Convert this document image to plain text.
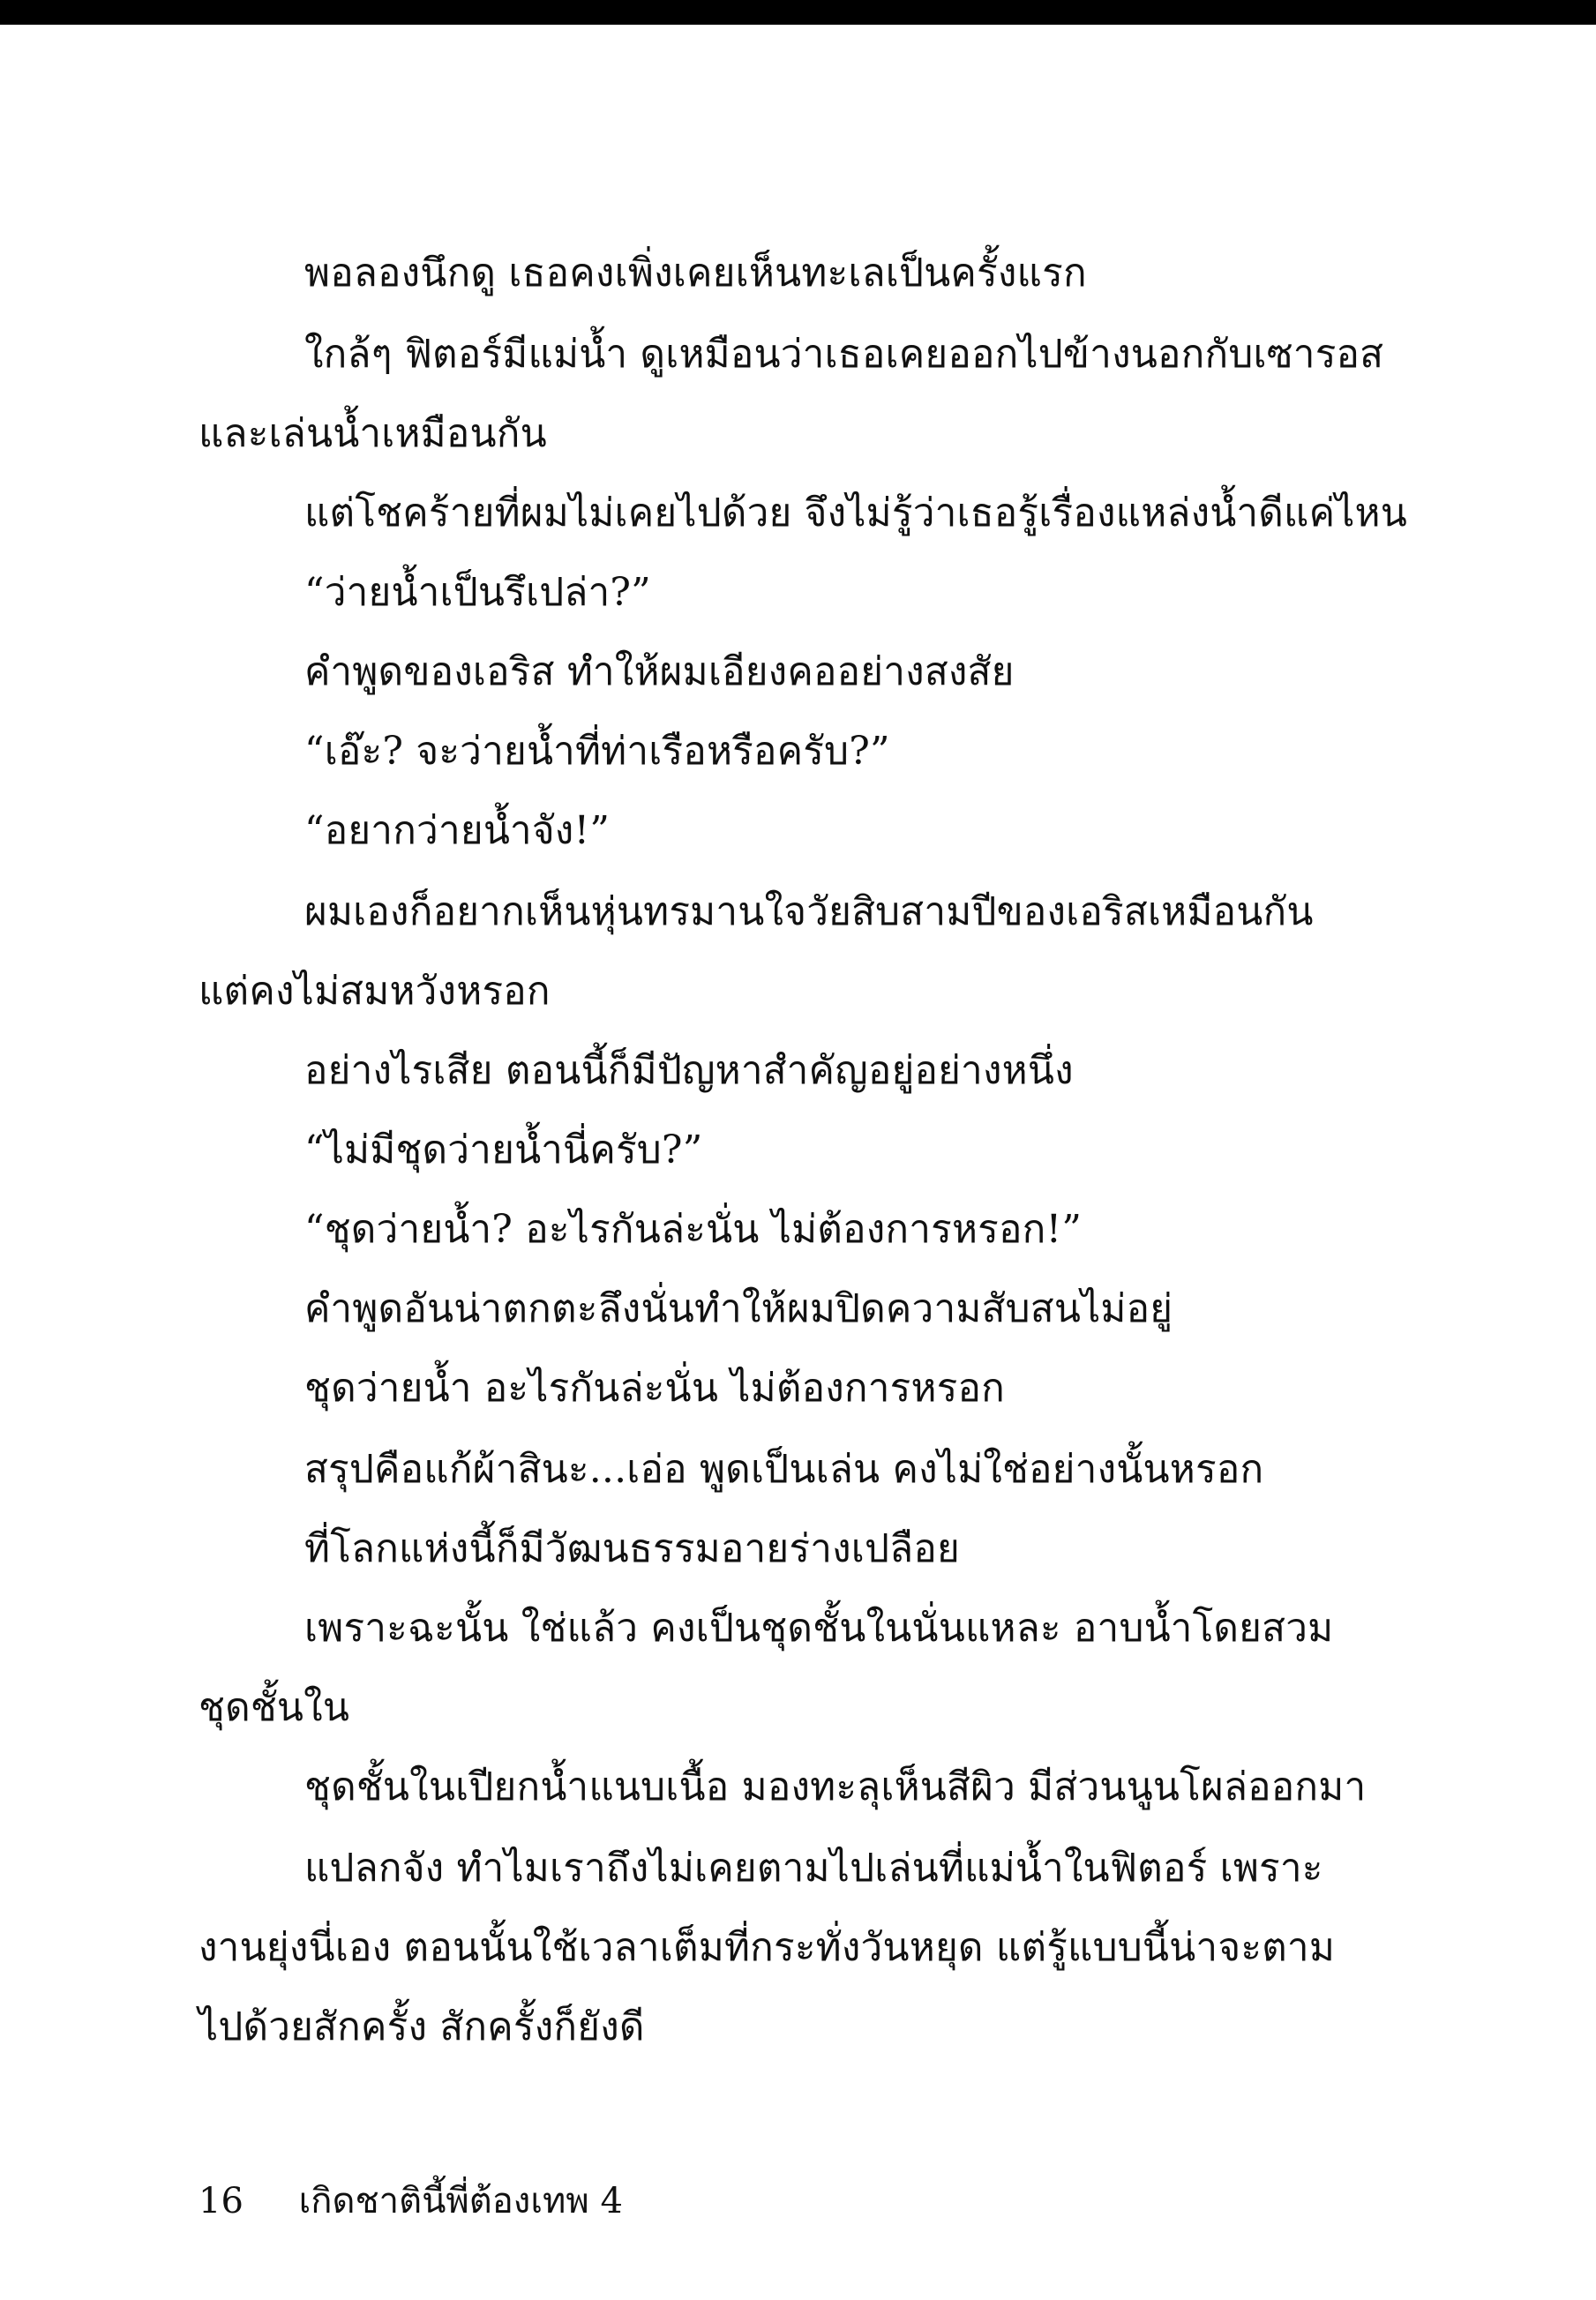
พอลองนึกดู เธอคงเพิ่งเคยเห็นทะเลเป็นครั้งแรก
ใกล้ๆ ฟิตอร์มีแม่น้ำ ดูเหมือนว่าเธอเคยออกไปข้างนอกกับเซารอส
และเล่นน้ำเหมือนกัน
แต่โชคร้ายที่ผมไม่เคยไปด้วย จึงไม่รู้ว่าเธอรู้เรื่องแหล่งน้ำดีแค่ไหน
“ว่ายน้ำเป็นรึเปล่า?”
คำพูดของเอริส ทำให้ผมเอียงคออย่างสงสัย
“เอ๊ะ? จะว่ายน้ำที่ท่าเรือหรือครับ?”
“อยากว่ายน้ำจัง!”
ผมเองก็อยากเห็นหุ่นทรมานใจวัยสิบสามปีของเอริสเหมือนกัน
แต่คงไม่สมหวังหรอก
อย่างไรเสีย ตอนนี้ก็มีปัญหาสำคัญอยู่อย่างหนึ่ง
“ไม่มีชุดว่ายน้ำนี่ครับ?”
“ชุดว่ายน้ำ? อะไรกันล่ะนั่น ไม่ต้องการหรอก!”
คำพูดอันน่าตกตะลึงนั่นทำให้ผมปิดความสับสนไม่อยู่
ชุดว่ายน้ำ อะไรกันล่ะนั่น ไม่ต้องการหรอก
สรุปคือแก้ผ้าสินะ...เอ่อ พูดเป็นเล่น คงไม่ใช่อย่างนั้นหรอก
ที่โลกแห่งนี้ก็มีวัฒนธรรมอายร่างเปลือย
เพราะฉะนั้น ใช่แล้ว คงเป็นชุดชั้นในนั่นแหละ อาบน้ำโดยสวม
ชุดชั้นใน
ชุดชั้นในเปียกน้ำแนบเนื้อ มองทะลุเห็นสีผิว มีส่วนนูนโผล่ออกมา
แปลกจัง ทำไมเราถึงไม่เคยตามไปเล่นที่แม่น้ำในฟิตอร์ เพราะ
งานยุ่งนี่เอง ตอนนั้นใช้เวลาเต็มที่กระทั่งวันหยุด แต่รู้แบบนี้น่าจะตาม
ไปด้วยสักครั้ง สักครั้งก็ยังดี
16 เกิดชาตินี้พี่ต้องเทพ 4
